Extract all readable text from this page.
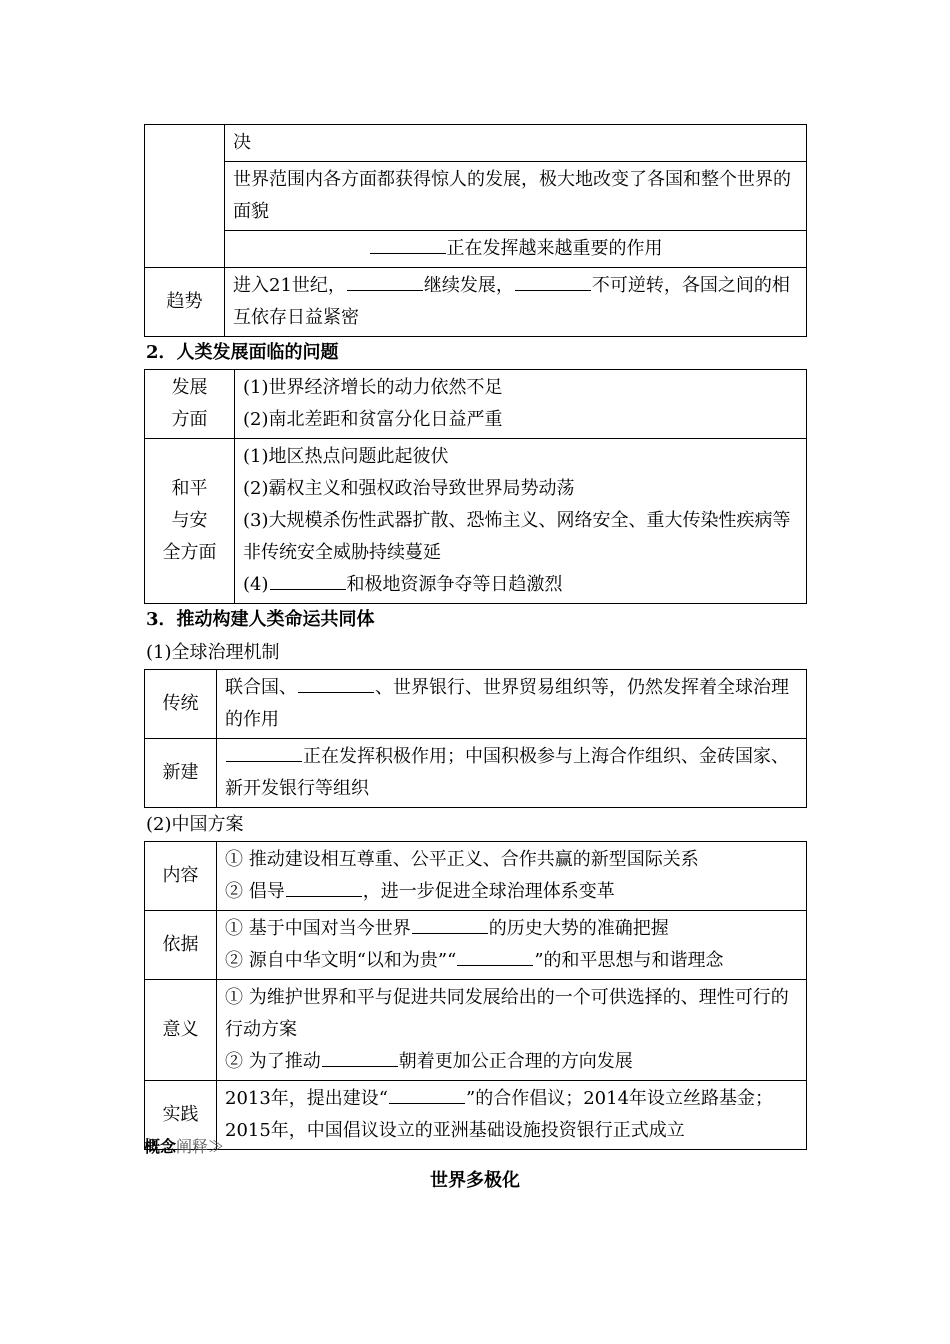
	决
	世界范围内各方面都获得惊人的发展，极大地改变了各国和整个世界的面貌
	正在发挥越来越重要的作用
趋势	进入21世纪， 继续发展， 不可逆转，各国之间的相互依存日益紧密

2．人类发展面临的问题

发展
方面	(1)世界经济增长的动力依然不足
(2)南北差距和贫富分化日益严重

和平
与安
全方面	(1)地区热点问题此起彼伏
(2)霸权主义和强权政治导致世界局势动荡
(3)大规模杀伤性武器扩散、恐怖主义、网络安全、重大传染性疾病等非传统安全威胁持续蔓延
(4) 和极地资源争夺等日趋激烈

3．推动构建人类命运共同体

(1)全球治理机制

传统	联合国、 、世界银行、世界贸易组织等，仍然发挥着全球治理的作用
新建	正在发挥积极作用；中国积极参与上海合作组织、金砖国家、新开发银行等组织

(2)中国方案

内容	① 推动建设相互尊重、公平正义、合作共赢的新型国际关系
② 倡导 ，进一步促进全球治理体系变革

依据	① 基于中国对当今世界 的历史大势的准确把握
② 源自中华文明“以和为贵”“ ”的和平思想与和谐理念

意义	① 为维护世界和平与促进共同发展给出的一个可供选择的、理性可行的行动方案
② 为了推动 朝着更加公正合理的方向发展

实践	2013年，提出建设“ ”的合作倡议；2014年设立丝路基金；2015年，中国倡议设立的亚洲基础设施投资银行正式成立
概念阐释≫
世界多极化
